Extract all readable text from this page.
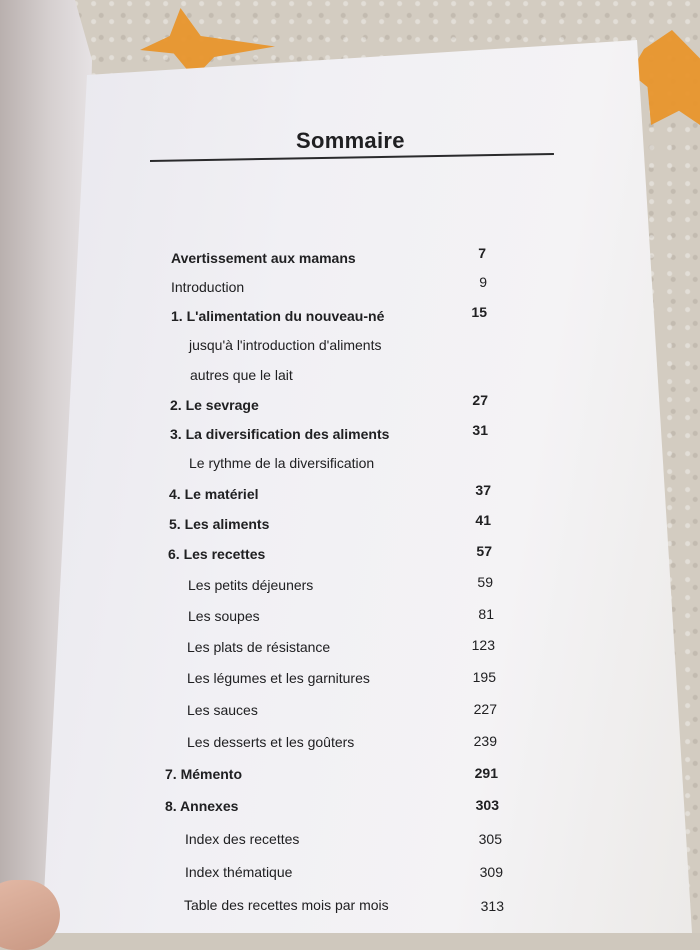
Sommaire
Avertissement aux mamans	7
Introduction	9
1. L'alimentation du nouveau-né	15
jusqu'à l'introduction d'aliments
autres que le lait
2. Le sevrage	27
3. La diversification des aliments	31
Le rythme de la diversification
4. Le matériel	37
5. Les aliments	41
6. Les recettes	57
Les petits déjeuners	59
Les soupes	81
Les plats de résistance	123
Les légumes et les garnitures	195
Les sauces	227
Les desserts et les goûters	239
7. Mémento	291
8. Annexes	303
Index des recettes	305
Index thématique	309
Table des recettes mois par mois	313
